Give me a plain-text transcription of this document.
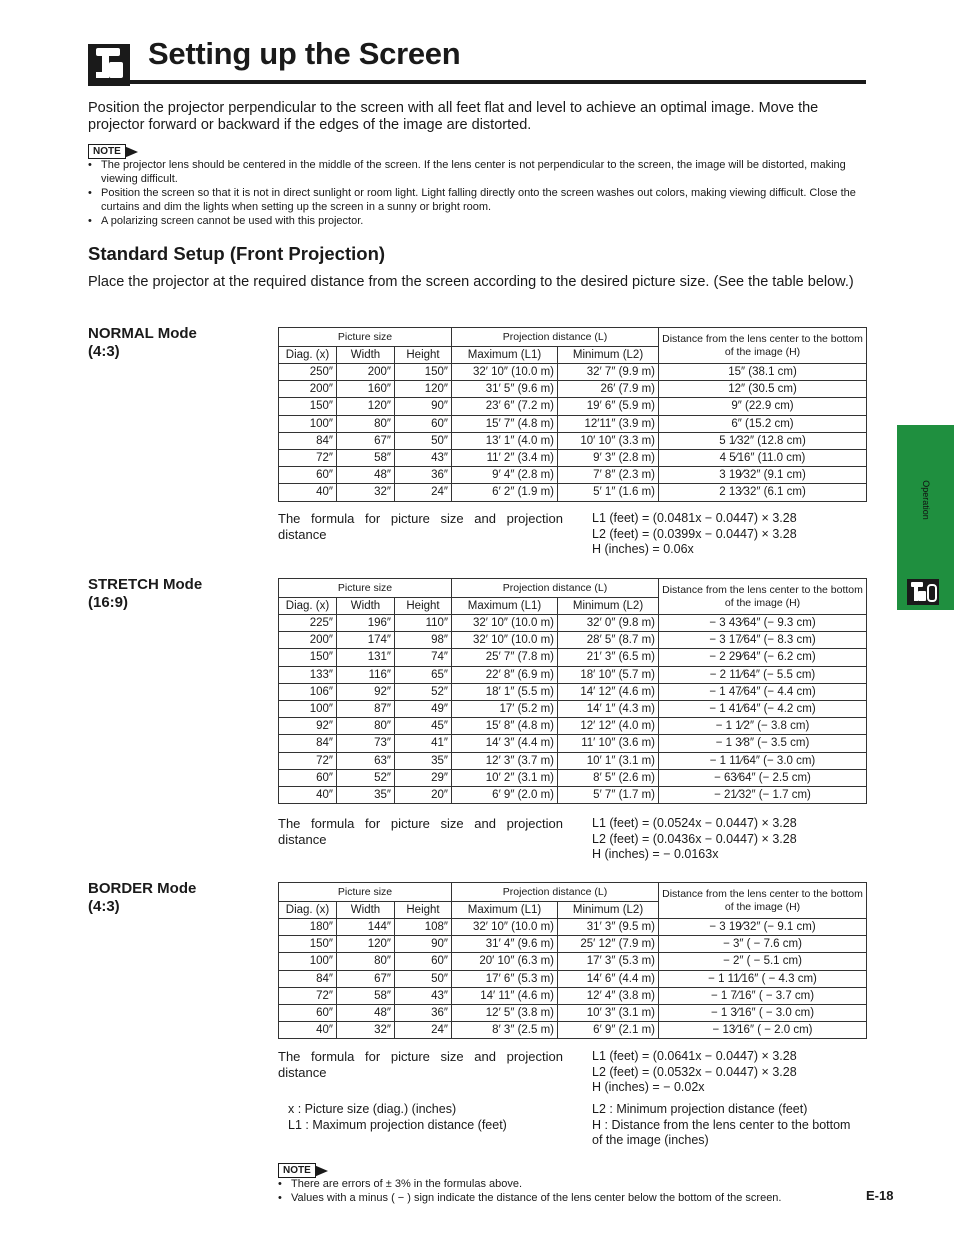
Setting up the Screen
Position the projector perpendicular to the screen with all feet flat and level to achieve an optimal image. Move the projector forward or backward if the edges of the image are distorted.
NOTE
• The projector lens should be centered in the middle of the screen. If the lens center is not perpendicular to the screen, the image will be distorted, making viewing difficult.
• Position the screen so that it is not in direct sunlight or room light. Light falling directly onto the screen washes out colors, making viewing difficult. Close the curtains and dim the lights when setting up the screen in a sunny or bright room.
• A polarizing screen cannot be used with this projector.
Standard Setup (Front Projection)
Place the projector at the required distance from the screen according to the desired picture size. (See the table below.)
NORMAL Mode
(4:3)
Picture size			Projection distance (L)		Distance from the lens center to the bottom of the image (H)
Diag. (x)	Width	Height	Maximum (L1)	Minimum (L2)	
250″	200″	150″	32′ 10″ (10.0 m)	32′ 7″ (9.9 m)	15″ (38.1 cm)
200″	160″	120″	31′ 5″ (9.6 m)	26′ (7.9 m)	12″ (30.5 cm)
150″	120″	90″	23′ 6″ (7.2 m)	19′ 6″ (5.9 m)	9″ (22.9 cm)
100″	80″	60″	15′ 7″ (4.8 m)	12′11″ (3.9 m)	6″ (15.2 cm)
84″	67″	50″	13′ 1″ (4.0 m)	10′ 10″ (3.3 m)	5 1⁄32″ (12.8 cm)
72″	58″	43″	11′ 2″ (3.4 m)	9′ 3″ (2.8 m)	4 5⁄16″ (11.0 cm)
60″	48″	36″	9′ 4″ (2.8 m)	7′ 8″ (2.3 m)	3 19⁄32″ (9.1 cm)
40″	32″	24″	6′ 2″ (1.9 m)	5′ 1″ (1.6 m)	2 13⁄32″ (6.1 cm)
The formula for picture size and projection distance
L1 (feet) = (0.0481x − 0.0447) × 3.28
L2 (feet) = (0.0399x − 0.0447) × 3.28
H (inches) = 0.06x
STRETCH Mode
(16:9)
Picture size			Projection distance (L)		Distance from the lens center to the bottom of the image (H)
Diag. (x)	Width	Height	Maximum (L1)	Minimum (L2)	
225″	196″	110″	32′ 10″ (10.0 m)	32′ 0″ (9.8 m)	− 3 43⁄64″ (− 9.3 cm)
200″	174″	98″	32′ 10″ (10.0 m)	28′ 5″ (8.7 m)	− 3 17⁄64″ (− 8.3 cm)
150″	131″	74″	25′ 7″ (7.8 m)	21′ 3″ (6.5 m)	− 2 29⁄64″ (− 6.2 cm)
133″	116″	65″	22′ 8″ (6.9 m)	18′ 10″ (5.7 m)	− 2 11⁄64″ (− 5.5 cm)
106″	92″	52″	18′ 1″ (5.5 m)	14′ 12″ (4.6 m)	− 1 47⁄64″ (− 4.4 cm)
100″	87″	49″	17′ (5.2 m)	14′ 1″ (4.3 m)	− 1 41⁄64″ (− 4.2 cm)
92″	80″	45″	15′ 8″ (4.8 m)	12′ 12″ (4.0 m)	− 1 1⁄2″ (− 3.8 cm)
84″	73″	41″	14′ 3″ (4.4 m)	11′ 10″ (3.6 m)	− 1 3⁄8″ (− 3.5 cm)
72″	63″	35″	12′ 3″ (3.7 m)	10′ 1″ (3.1 m)	− 1 11⁄64″ (− 3.0 cm)
60″	52″	29″	10′ 2″ (3.1 m)	8′ 5″ (2.6 m)	− 63⁄64″ (− 2.5 cm)
40″	35″	20″	6′ 9″ (2.0 m)	5′ 7″ (1.7 m)	− 21⁄32″ (− 1.7 cm)
The formula for picture size and projection distance
L1 (feet) = (0.0524x − 0.0447) × 3.28
L2 (feet) = (0.0436x − 0.0447) × 3.28
H (inches) = − 0.0163x
BORDER Mode
(4:3)
Picture size			Projection distance (L)		Distance from the lens center to the bottom of the image (H)
Diag. (x)	Width	Height	Maximum (L1)	Minimum (L2)	
180″	144″	108″	32′ 10″ (10.0 m)	31′ 3″ (9.5 m)	− 3 19⁄32″ (− 9.1 cm)
150″	120″	90″	31′ 4″ (9.6 m)	25′ 12″ (7.9 m)	− 3″ ( − 7.6 cm)
100″	80″	60″	20′ 10″ (6.3 m)	17′ 3″ (5.3 m)	− 2″ ( − 5.1 cm)
84″	67″	50″	17′ 6″ (5.3 m)	14′ 6″ (4.4 m)	− 1 11⁄16″ ( − 4.3 cm)
72″	58″	43″	14′ 11″ (4.6 m)	12′ 4″ (3.8 m)	− 1 7⁄16″ ( − 3.7 cm)
60″	48″	36″	12′ 5″ (3.8 m)	10′ 3″ (3.1 m)	− 1 3⁄16″ ( − 3.0 cm)
40″	32″	24″	8′ 3″ (2.5 m)	6′ 9″ (2.1 m)	− 13⁄16″ ( − 2.0 cm)
The formula for picture size and projection distance
L1 (feet) = (0.0641x − 0.0447) × 3.28
L2 (feet) = (0.0532x − 0.0447) × 3.28
H (inches) = − 0.02x
x : Picture size (diag.) (inches)
L1 : Maximum projection distance (feet)
L2 : Minimum projection distance (feet)
H : Distance from the lens center to the bottom of the image (inches)
NOTE
• There are errors of ± 3% in the formulas above.
• Values with a minus ( − ) sign indicate the distance of the lens center below the bottom of the screen.	E-18
Operation
